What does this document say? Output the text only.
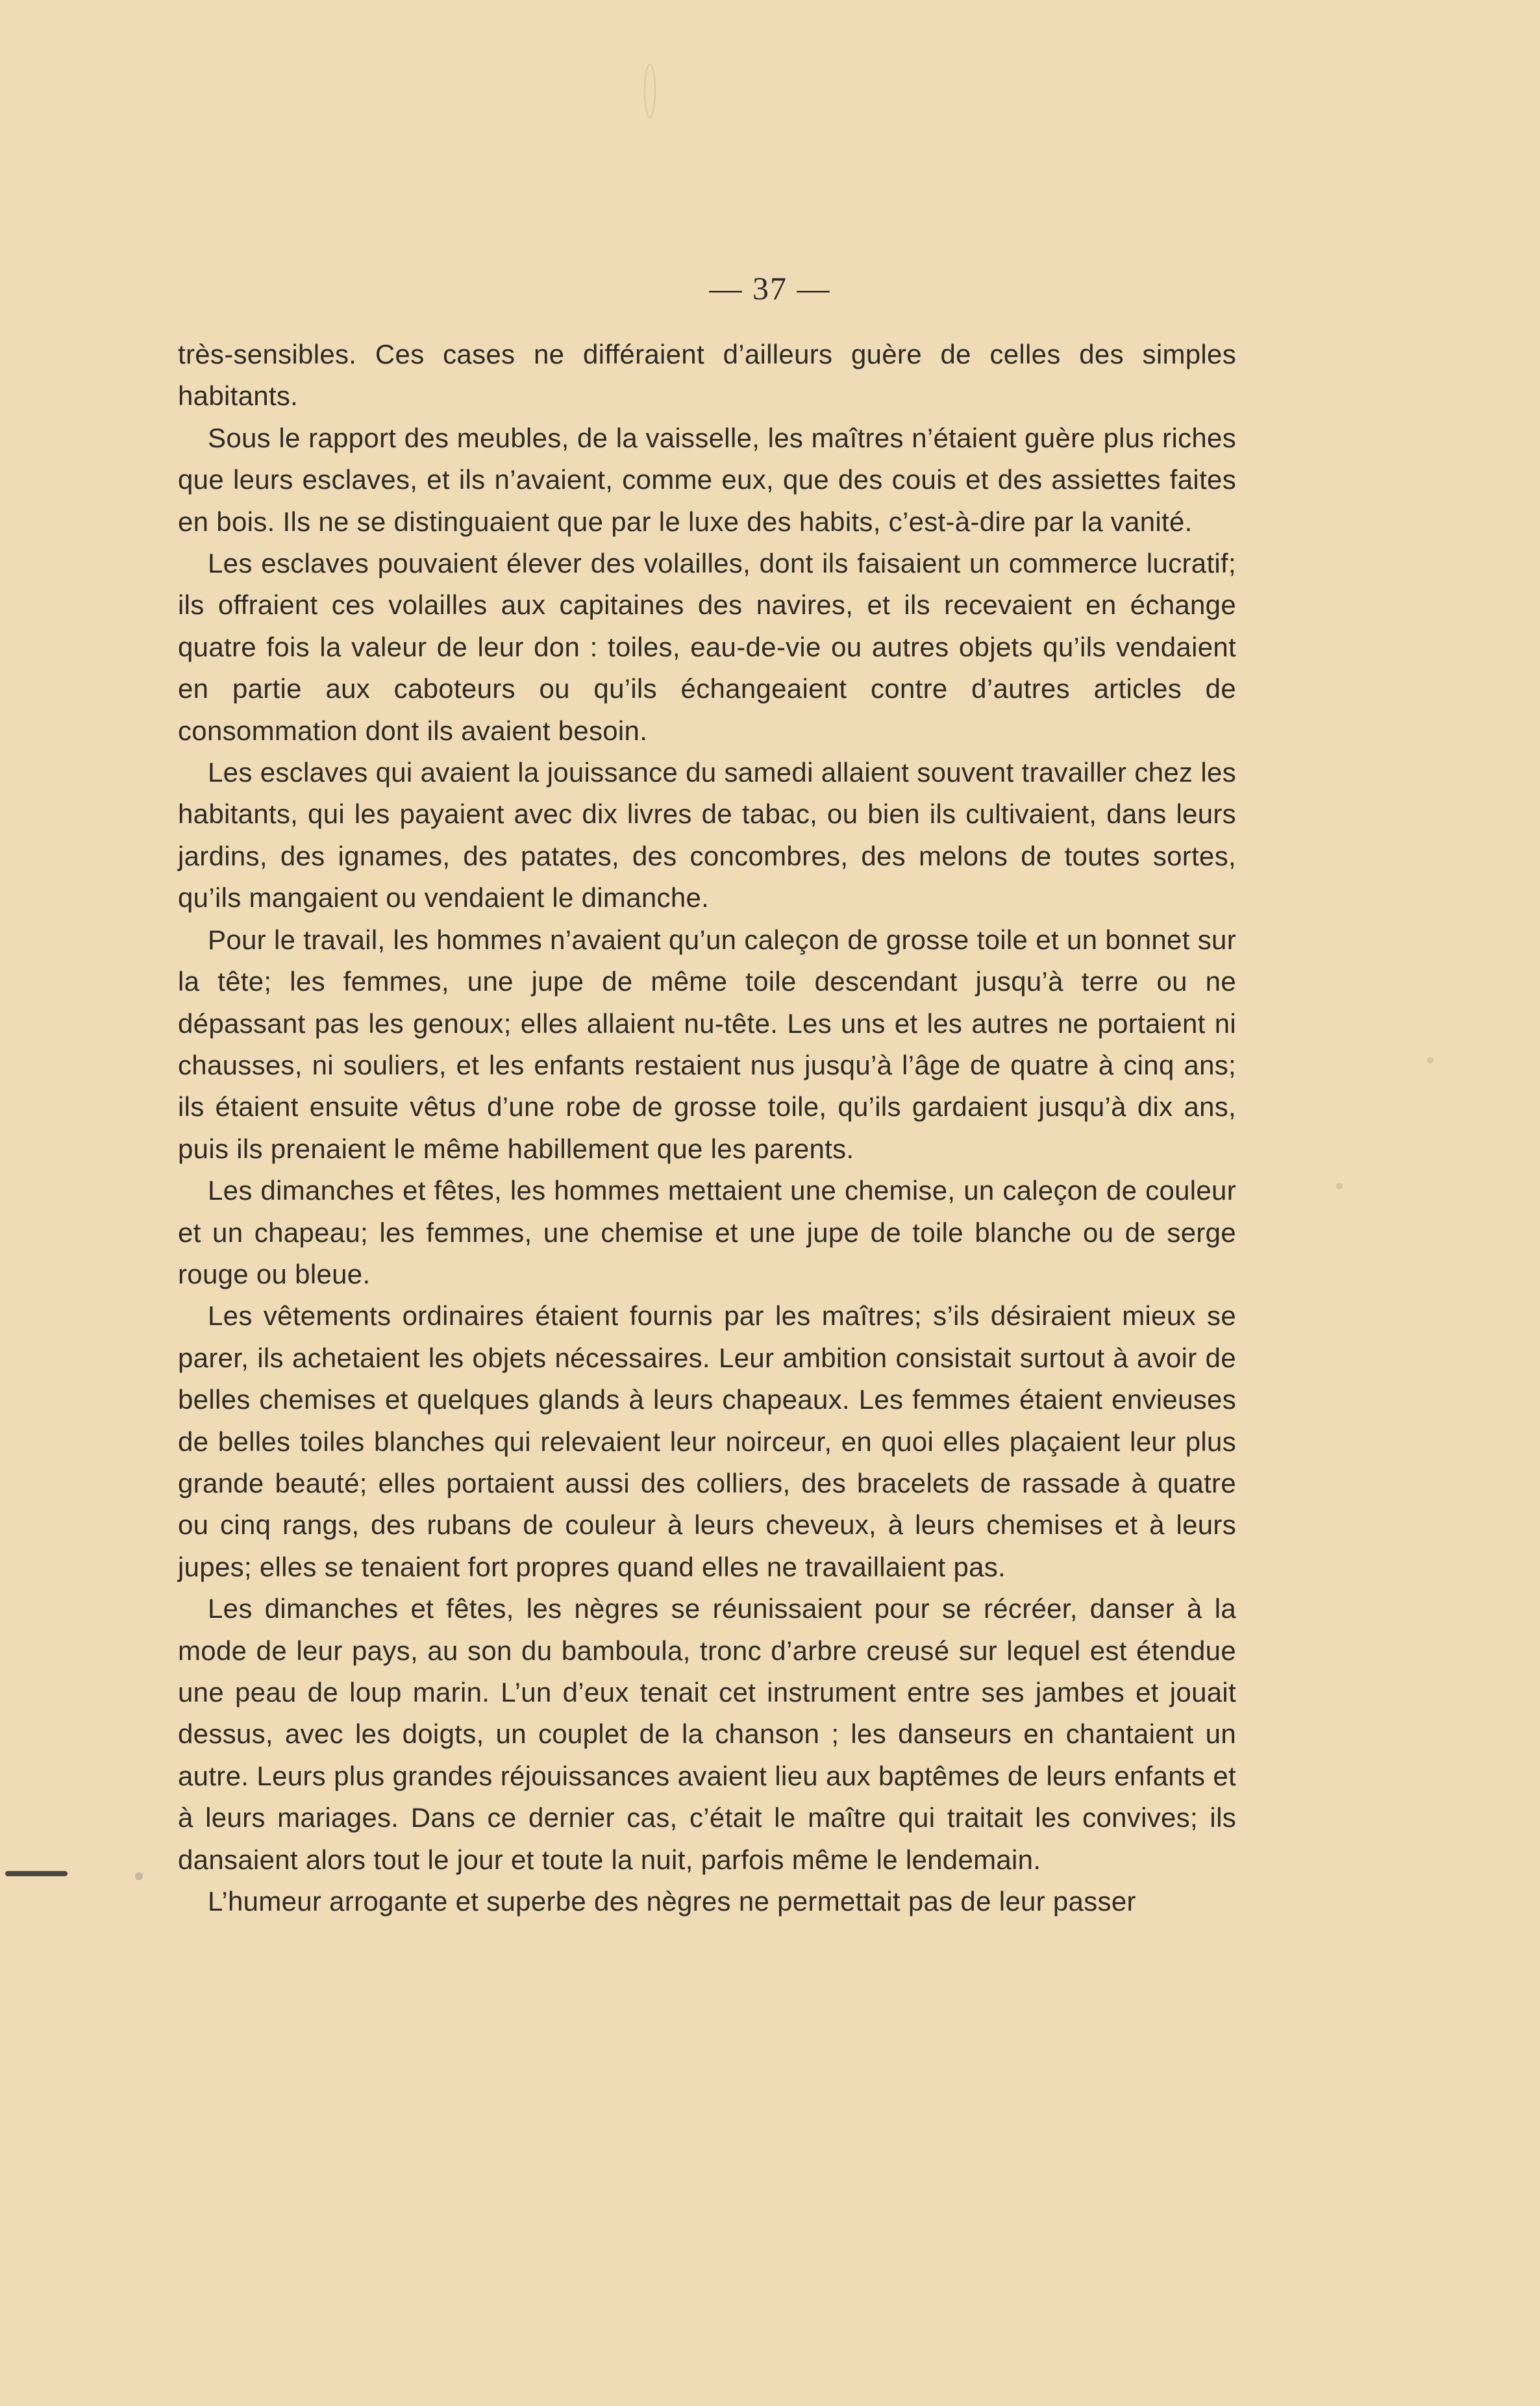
— 37 —

très-sensibles. Ces cases ne différaient d’ailleurs guère de celles des simples habitants.

Sous le rapport des meubles, de la vaisselle, les maîtres n’étaient guère plus riches que leurs esclaves, et ils n’avaient, comme eux, que des couis et des assiettes faites en bois. Ils ne se distinguaient que par le luxe des habits, c’est-à-dire par la vanité.

Les esclaves pouvaient élever des volailles, dont ils faisaient un commerce lucratif; ils offraient ces volailles aux capitaines des navires, et ils recevaient en échange quatre fois la valeur de leur don : toiles, eau-de-vie ou autres objets qu’ils vendaient en partie aux caboteurs ou qu’ils échangeaient contre d’autres articles de consommation dont ils avaient besoin.

Les esclaves qui avaient la jouissance du samedi allaient souvent travailler chez les habitants, qui les payaient avec dix livres de tabac, ou bien ils cultivaient, dans leurs jardins, des ignames, des patates, des concombres, des melons de toutes sortes, qu’ils mangaient ou vendaient le dimanche.

Pour le travail, les hommes n’avaient qu’un caleçon de grosse toile et un bonnet sur la tête; les femmes, une jupe de même toile descendant jusqu’à terre ou ne dépassant pas les genoux; elles allaient nu-tête. Les uns et les autres ne portaient ni chausses, ni souliers, et les enfants restaient nus jusqu’à l’âge de quatre à cinq ans; ils étaient ensuite vêtus d’une robe de grosse toile, qu’ils gardaient jusqu’à dix ans, puis ils prenaient le même habillement que les parents.

Les dimanches et fêtes, les hommes mettaient une chemise, un caleçon de couleur et un chapeau; les femmes, une chemise et une jupe de toile blanche ou de serge rouge ou bleue.

Les vêtements ordinaires étaient fournis par les maîtres; s’ils désiraient mieux se parer, ils achetaient les objets nécessaires. Leur ambition consistait surtout à avoir de belles chemises et quelques glands à leurs chapeaux. Les femmes étaient envieuses de belles toiles blanches qui relevaient leur noirceur, en quoi elles plaçaient leur plus grande beauté; elles portaient aussi des colliers, des bracelets de rassade à quatre ou cinq rangs, des rubans de couleur à leurs cheveux, à leurs chemises et à leurs jupes; elles se tenaient fort propres quand elles ne travaillaient pas.

Les dimanches et fêtes, les nègres se réunissaient pour se récréer, danser à la mode de leur pays, au son du bamboula, tronc d’arbre creusé sur lequel est étendue une peau de loup marin. L’un d’eux tenait cet instrument entre ses jambes et jouait dessus, avec les doigts, un couplet de la chanson ; les danseurs en chantaient un autre. Leurs plus grandes réjouissances avaient lieu aux baptêmes de leurs enfants et à leurs mariages. Dans ce dernier cas, c’était le maître qui traitait les convives; ils dansaient alors tout le jour et toute la nuit, parfois même le lendemain.

L’humeur arrogante et superbe des nègres ne permettait pas de leur passer
